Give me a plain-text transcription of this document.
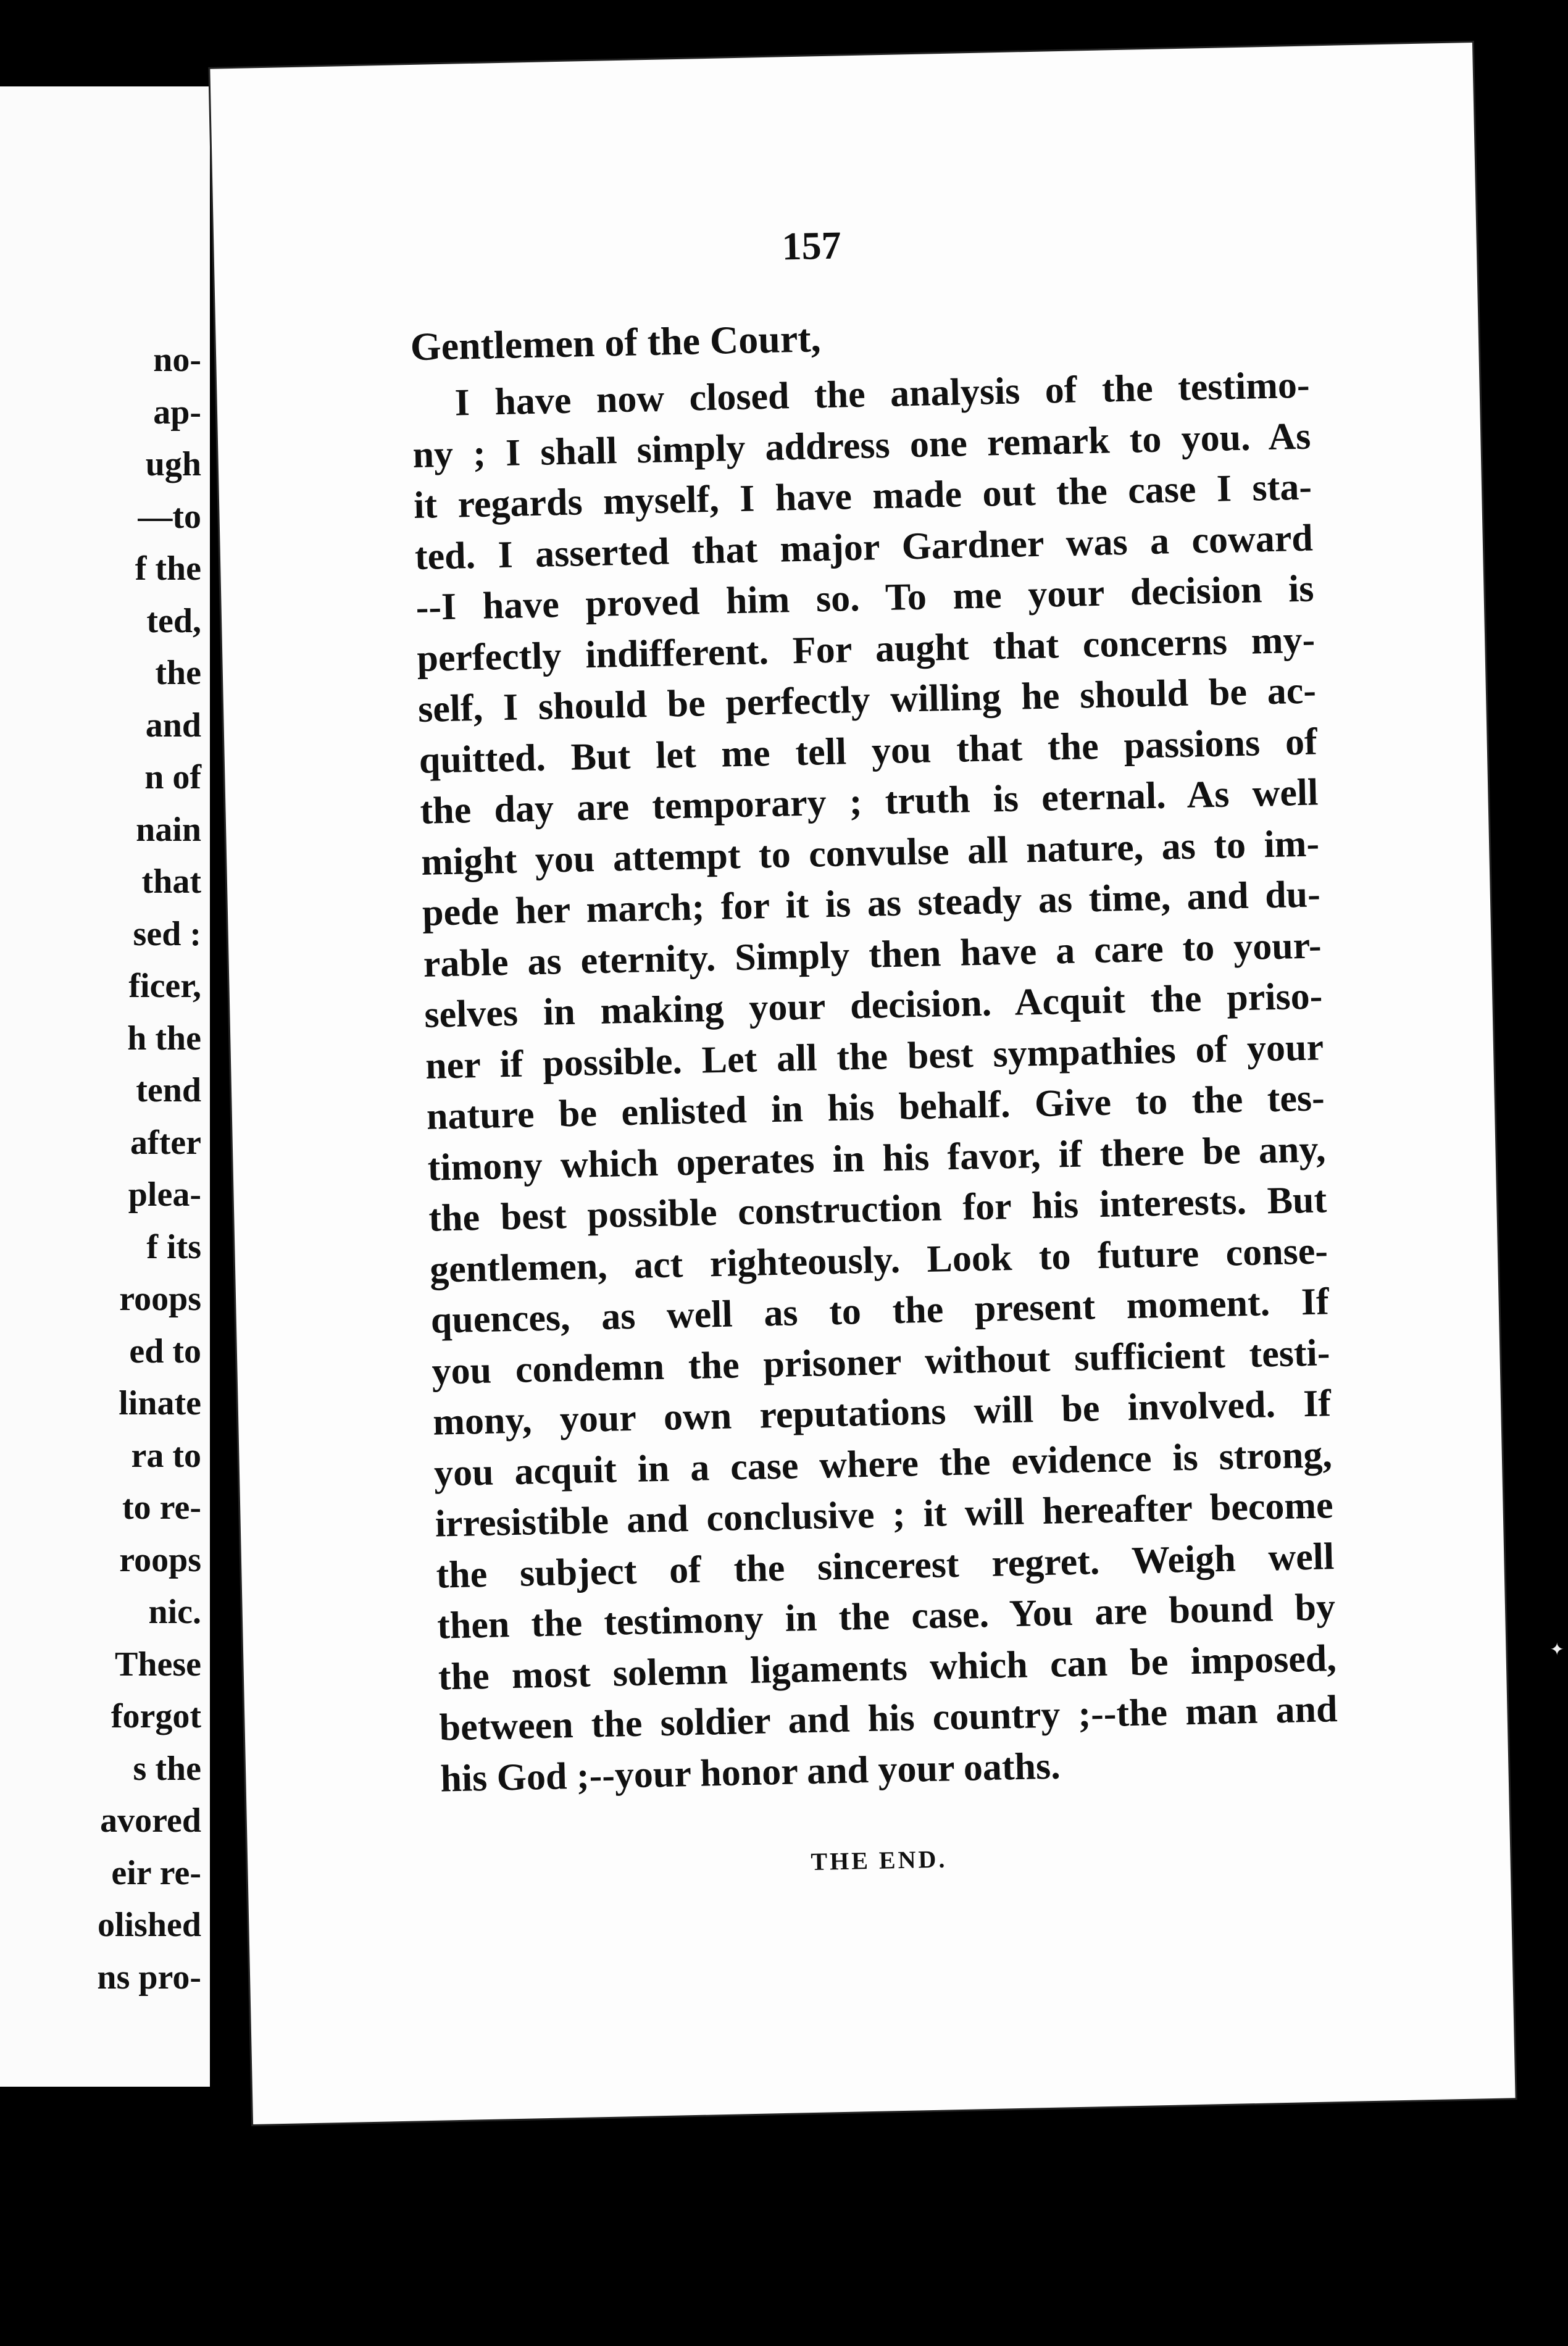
no-
ap-
ugh
—to
f the
ted,
the
and
n of
nain
that
sed :
ficer,
h the
tend
after
plea-
f its
roops
ed to
linate
ra to
to re-
roops
nic.
These
forgot
s the
avored
eir re-
olished
ns pro-
157
Gentlemen of the Court,
I have now closed the analysis of the testimo-
ny ; I shall simply address one remark to you. As
it regards myself, I have made out the case I sta-
ted. I asserted that major Gardner was a coward
--I have proved him so. To me your decision is
perfectly indifferent. For aught that concerns my-
self, I should be perfectly willing he should be ac-
quitted. But let me tell you that the passions of
the day are temporary ; truth is eternal. As well
might you attempt to convulse all nature, as to im-
pede her march; for it is as steady as time, and du-
rable as eternity. Simply then have a care to your-
selves in making your decision. Acquit the priso-
ner if possible. Let all the best sympathies of your
nature be enlisted in his behalf. Give to the tes-
timony which operates in his favor, if there be any,
the best possible construction for his interests. But
gentlemen, act righteously. Look to future conse-
quences, as well as to the present moment. If
you condemn the prisoner without sufficient testi-
mony, your own reputations will be involved. If
you acquit in a case where the evidence is strong,
irresistible and conclusive ; it will hereafter become
the subject of the sincerest regret. Weigh well
then the testimony in the case. You are bound by
the most solemn ligaments which can be imposed,
between the soldier and his country ;--the man and
his God ;--your honor and your oaths.
THE END.
✦
